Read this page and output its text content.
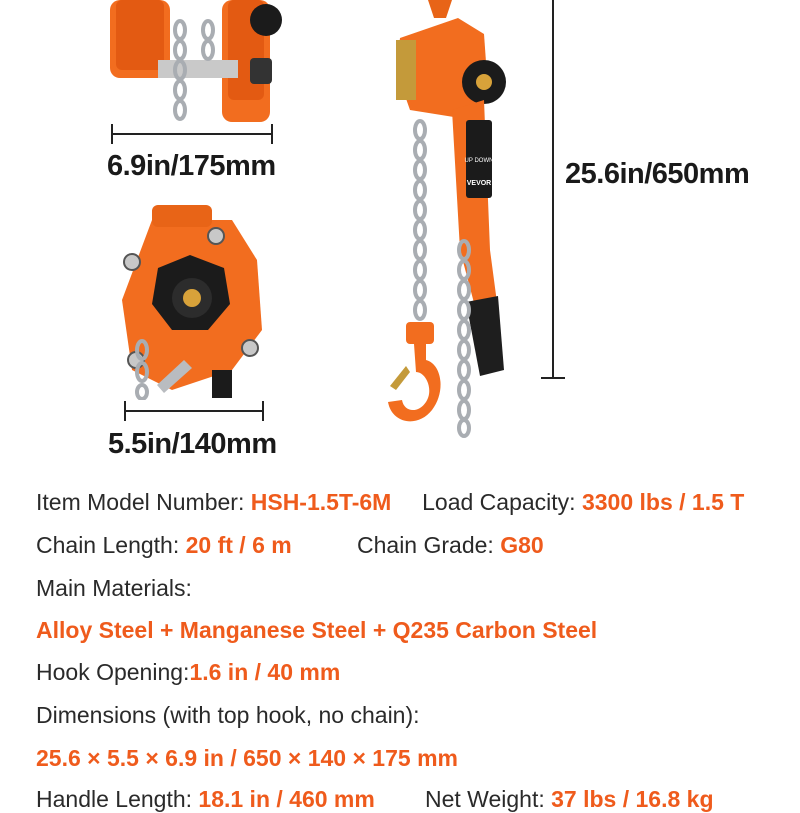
6.9in/175mm
5.5in/140mm
UP DOWN
VEVOR	25.6in/650mm
Item Model Number: HSH-1.5T-6M Load Capacity: 3300 lbs / 1.5 T
Chain Length: 20 ft / 6 m	Chain Grade: G80
Main Materials:
Alloy Steel + Manganese Steel + Q235 Carbon Steel
Hook Opening:1.6 in / 40 mm
Dimensions (with top hook, no chain):
25.6 × 5.5 × 6.9 in / 650 × 140 × 175 mm
Handle Length: 18.1 in / 460 mm Net Weight: 37 lbs / 16.8 kg
